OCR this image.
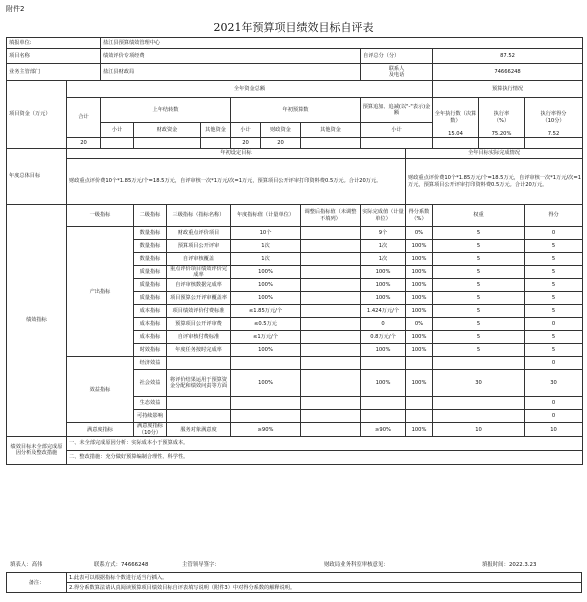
附件2
2021年预算项目绩效目标自评表
填报单位:		盐江县预算绩效管理中心											
项目名称		绩效评价专项经费							自评总分（分）		87.52		
业务主管部门		盐江县财政局							联系人
及电话		74666248		
项目资金（万元）	全年资金总额										预算执行情况		
	合计	上年结转数				年初预算数			预算追加、追减(以"-"表示)金额		全年执行数（决算数）	执行率
（%）	执行率得分
（10分）
		小计	财政资金		其他资金	小计	财政资金	其他资金	小计				
	20					20	20				15.04	75.20%	7.52
年度总体目标	年初设定目标									全年目标实际完成情况			
	财政重点评价费10个*1.85万元/个=18.5万元，自评审核一次*1万元/次=1万元，预算项目公开评审打印资料费0.5万元。合计20万元。									财政重点评价费10个*1.85万元/个=18.5万元，自评审核一次*1万元/次=1万元，预算项目公开评审打印资料费0.5万元。合计20万元。			
绩效指标	一级指标		二级指标	三级指标（指标名称）		年度指标值（计量单位）		调整后指标值（未调整不填列）	实际完成值（计量单位）	得分系数（%）	权重		得分
	产出指标		数量指标	财政重点评价项目		10个			9个	0%	5		0
			数量指标	预算项目公开评审		1次			1次	100%	5		5
			数量指标	自评审核覆盖		1次			1次	100%	5		5
			质量指标	重点评价项目绩效评价完成率		100%			100%	100%	5		5
			质量指标	自评审核数据完成率		100%			100%	100%	5		5
			质量指标	项目预算公开评审覆盖率		100%			100%	100%	5		5
			成本指标	项目绩效评价付费标准		≤1.85万元/个			1.424万元/个	100%	5		5
			成本指标	预算项目公开评审费		≤0.5万元			0	0%	5		0
			成本指标	自评审核付费标准		≤1万元/个			0.8万元/个	100%	5		5
			时效指标	年度任务按时完成率		100%			100%	100%	5		5
	效益指标		经济效益										0
			社会效益	将评价结果运用于预算资金分配和绩效问责等方面		100%			100%	100%	30		30
			生态效益										0
			可持续影响										0
	满意度指标		满意度指标（10分）	服务对象满意度		≥90%			≥90%	100%	10		10
绩效目标未全部完成原因分析及整改措施	一、未全部完成原因分析：实际成本小于预算成本。												
	二、整改措施：充分做好预算编制合理性、科学性。												
填表人：高伟	联系方式：74666248	主管领导签字：	财政局业务科室审核意见：	填报时间：2022.3.23
备注：	1.此表可以根据指标个数进行适当行插入。
2.得分系数算法请认真阅读预算项目绩效目标自评表填写说明（附件3）中对得分系数的解释说明。
